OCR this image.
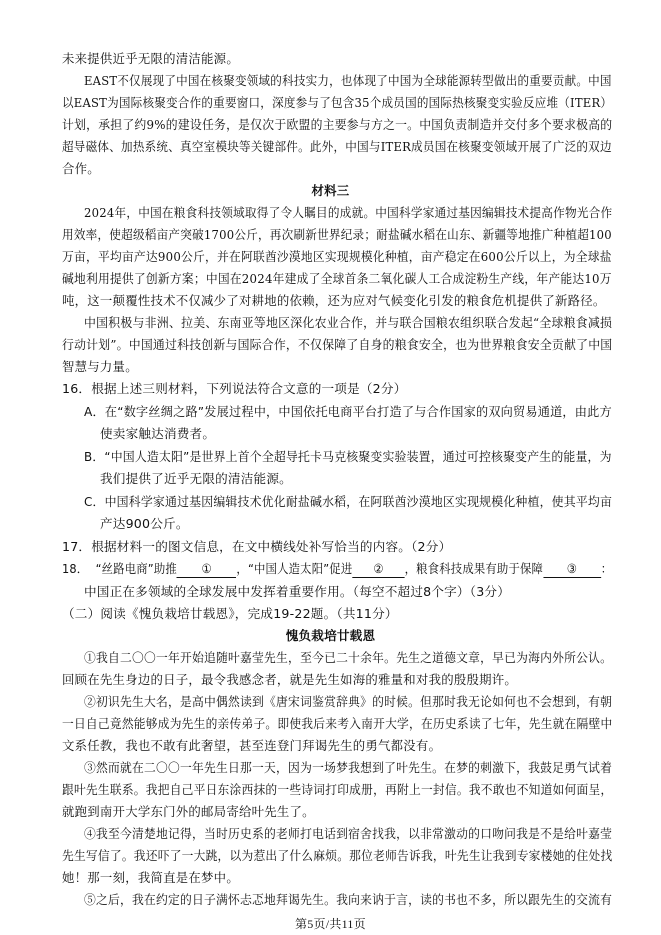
未来提供近乎无限的清洁能源。
EAST不仅展现了中国在核聚变领域的科技实力，也体现了中国为全球能源转型做出的重要贡献。中国
以EAST为国际核聚变合作的重要窗口，深度参与了包含35个成员国的国际热核聚变实验反应堆（ITER）
计划，承担了约9%的建设任务，是仅次于欧盟的主要参与方之一。中国负责制造并交付多个要求极高的
超导磁体、加热系统、真空室模块等关键部件。此外，中国与ITER成员国在核聚变领域开展了广泛的双边
合作。
材料三
2024年，中国在粮食科技领域取得了令人瞩目的成就。中国科学家通过基因编辑技术提高作物光合作
用效率，使超级稻亩产突破1700公斤，再次刷新世界纪录；耐盐碱水稻在山东、新疆等地推广种植超100
万亩，平均亩产达900公斤，并在阿联酋沙漠地区实现规模化种植，亩产稳定在600公斤以上，为全球盐
碱地利用提供了创新方案；中国在2024年建成了全球首条二氧化碳人工合成淀粉生产线，年产能达10万
吨，这一颠覆性技术不仅减少了对耕地的依赖，还为应对气候变化引发的粮食危机提供了新路径。
中国积极与非洲、拉美、东南亚等地区深化农业合作，并与联合国粮农组织联合发起“全球粮食减损
行动计划”。中国通过科技创新与国际合作，不仅保障了自身的粮食安全，也为世界粮食安全贡献了中国
智慧与力量。
16．根据上述三则材料，下列说法符合文意的一项是（2分）
A．在“数字丝绸之路”发展过程中，中国依托电商平台打造了与合作国家的双向贸易通道，由此方
使卖家触达消费者。
B．“中国人造太阳”是世界上首个全超导托卡马克核聚变实验装置，通过可控核聚变产生的能量，为
我们提供了近乎无限的清洁能源。
C．中国科学家通过基因编辑技术优化耐盐碱水稻，在阿联酋沙漠地区实现规模化种植，使其平均亩
产达900公斤。
17．根据材料一的图文信息，在文中横线处补写恰当的内容。（2分）
18． “丝路电商”助推 ① ，“中国人造太阳”促进 ② ，粮食科技成果有助于保障 ③ ：
中国正在多领域的全球发展中发挥着重要作用。（每空不超过8个字）（3分）
（二）阅读《愧负栽培廿载恩》，完成19-22题。（共11分）
愧负栽培廿载恩
①我自二〇〇一年开始追随叶嘉莹先生，至今已二十余年。先生之道德文章，早已为海内外所公认。
回顾在先生身边的日子，最令我感念者，就是先生如海的雅量和对我的殷殷期许。
②初识先生大名，是高中偶然读到《唐宋词鉴赏辞典》的时候。但那时我无论如何也不会想到，有朝
一日自己竟然能够成为先生的亲传弟子。即使我后来考入南开大学，在历史系读了七年，先生就在隔壁中
文系任教，我也不敢有此奢望，甚至连登门拜谒先生的勇气都没有。
③然而就在二〇〇一年先生日那一天，因为一场梦我想到了叶先生。在梦的刺激下，我鼓足勇气试着
跟叶先生联系。我把自己平日东涂西抹的一些诗词打印成册，再附上一封信。我不敢也不知道如何面呈，
就跑到南开大学东门外的邮局寄给叶先生了。
④我至今清楚地记得，当时历史系的老师打电话到宿舍找我，以非常激动的口吻问我是不是给叶嘉莹
先生写信了。我还吓了一大跳，以为惹出了什么麻烦。那位老师告诉我，叶先生让我到专家楼她的住处找
她！那一刻，我简直是在梦中。
⑤之后，我在约定的日子满怀忐忑地拜谒先生。我向来讷于言，读的书也不多，所以跟先生的交流有
第5页/共11页
